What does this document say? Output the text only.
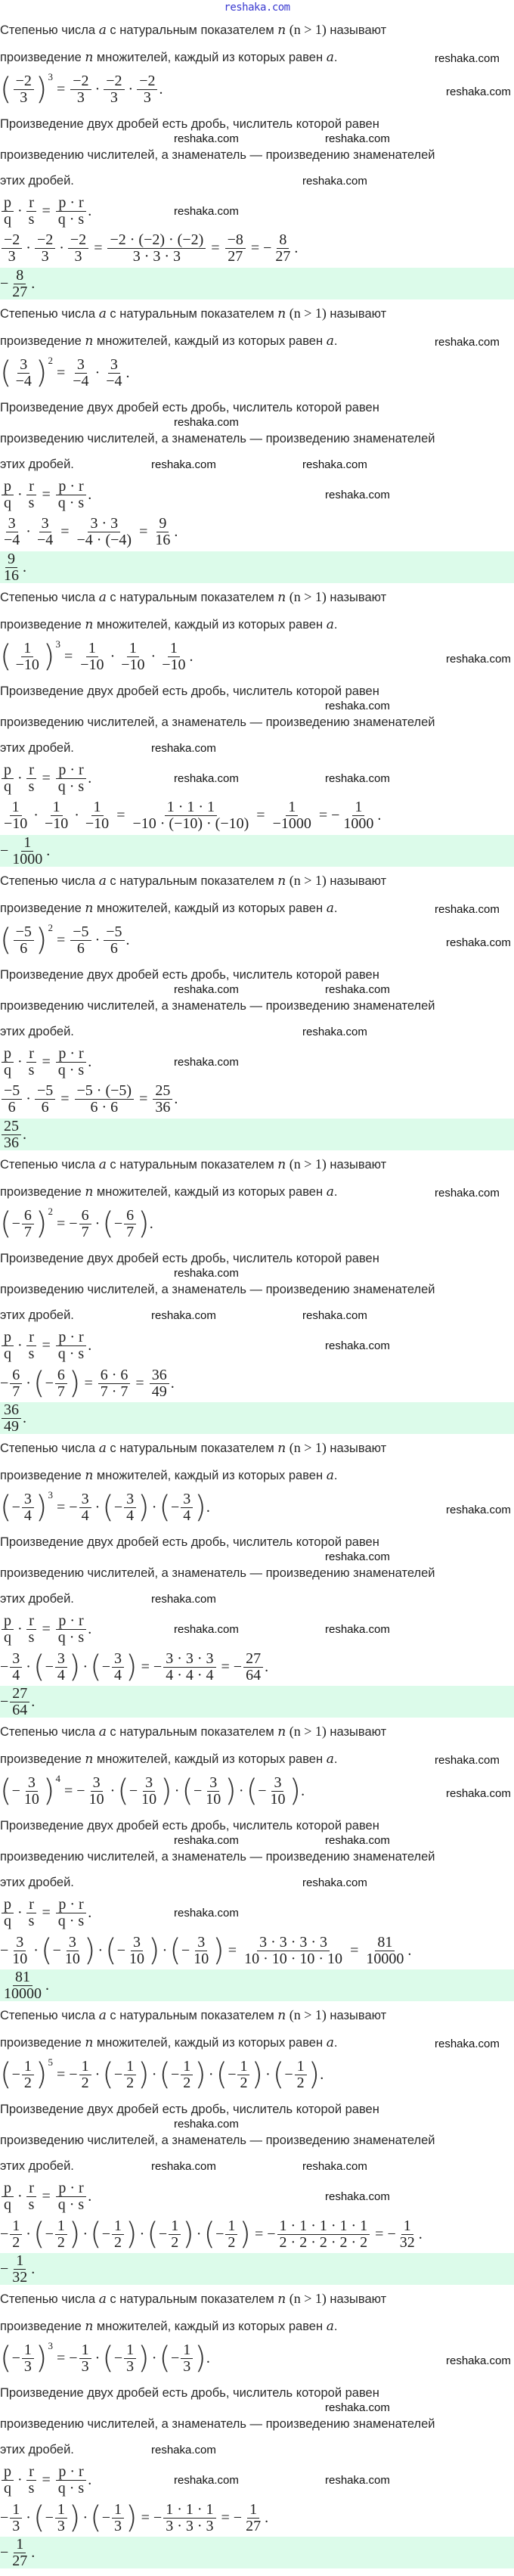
reshaka.com
Степенью числа a с натуральным показателем n (n > 1) называют
произведение n множителей, каждый из которых равен a.
( $\frac{-2}{3}$ ) 3
= $\frac{-2}{3} \cdot \frac{-2}{3} \cdot \frac{-2}{3}$ .
Произведение двух дробей есть дробь, числитель которой равен
произведению числителей, а знаменатель — произведению знаменателей
этих дробей.
$\frac{p}{q} \cdot \frac{r}{s} = \frac{p \cdot r}{q \cdot s}$ .
$\frac{-2}{3} \cdot \frac{-2}{3} \cdot \frac{-2}{3} = \frac{-2 \cdot (-2) \cdot (-2)}{3 \cdot 3 \cdot 3} = \frac{-8}{27}$ = − $\frac{8}{27}$ .
− $\frac{8}{27}$ .
reshaka.com	reshaka.com
reshaka.com
reshaka.com
reshaka.com
reshaka.com
Степенью числа a с натуральным показателем n (n > 1) называют
произведение n множителей, каждый из которых равен a.
( $\frac{3}{-4}$ ) 2
= $\frac{3}{-4} \cdot \frac{3}{-4}$ .
Произведение двух дробей есть дробь, числитель которой равен
произведению числителей, а знаменатель — произведению знаменателей
этих дробей.
$\frac{p}{q} \cdot \frac{r}{s} = \frac{p \cdot r}{q \cdot s}$ .
$\frac{3}{-4} \cdot \frac{3}{-4} = \frac{3 \cdot 3}{-4 \cdot (-4)} = \frac{9}{16}$ .
$\frac{9}{16}$ .
reshaka.com
reshaka.com	reshaka.com
reshaka.com
reshaka.com
Степенью числа a с натуральным показателем n (n > 1) называют
произведение n множителей, каждый из которых равен a.
( $\frac{1}{-10}$ ) 3
= $\frac{1}{-10} \cdot \frac{1}{-10} \cdot \frac{1}{-10}$ .
Произведение двух дробей есть дробь, числитель которой равен
произведению числителей, а знаменатель — произведению знаменателей
этих дробей.
$\frac{p}{q} \cdot \frac{r}{s} = \frac{p \cdot r}{q \cdot s}$ .
$\frac{1}{-10} \cdot \frac{1}{-10} \cdot \frac{1}{-10} = \frac{1 \cdot 1 \cdot 1}{-10 \cdot (-10) \cdot (-10)} = \frac{1}{-1000}$ = − $\frac{1}{1000}$ .
− $\frac{1}{1000}$ .
reshaka.com
reshaka.com
reshaka.com	reshaka.com
reshaka.com
Степенью числа a с натуральным показателем n (n > 1) называют
произведение n множителей, каждый из которых равен a.
( $\frac{-5}{6}$ ) 2
= $\frac{-5}{6} \cdot \frac{-5}{6}$ .
Произведение двух дробей есть дробь, числитель которой равен
произведению числителей, а знаменатель — произведению знаменателей
этих дробей.
$\frac{p}{q} \cdot \frac{r}{s} = \frac{p \cdot r}{q \cdot s}$ .
$\frac{-5}{6} \cdot \frac{-5}{6} = \frac{-5 \cdot (-5)}{6 \cdot 6} = \frac{25}{36}$ .
$\frac{25}{36}$ .
reshaka.com	reshaka.com
reshaka.com
reshaka.com
reshaka.com
reshaka.com
Степенью числа a с натуральным показателем n (n > 1) называют
произведение n множителей, каждый из которых равен a.
( − $\frac{6}{7}$ ) 2
= − $\frac{6}{7}$ · ( − $\frac{6}{7}$ ) .
Произведение двух дробей есть дробь, числитель которой равен
произведению числителей, а знаменатель — произведению знаменателей
этих дробей.
$\frac{p}{q} \cdot \frac{r}{s} = \frac{p \cdot r}{q \cdot s}$ .
− $\frac{6}{7}$ · ( − $\frac{6}{7}$ ) = $\frac{6 \cdot 6}{7 \cdot 7} = \frac{36}{49}$ .
$\frac{36}{49}$ .
reshaka.com
reshaka.com	reshaka.com
reshaka.com
reshaka.com
Степенью числа a с натуральным показателем n (n > 1) называют
произведение n множителей, каждый из которых равен a.
( − $\frac{3}{4}$ ) 3
= − $\frac{3}{4}$ · ( − $\frac{3}{4}$ ) · ( − $\frac{3}{4}$ ) .
Произведение двух дробей есть дробь, числитель которой равен
произведению числителей, а знаменатель — произведению знаменателей
этих дробей.
$\frac{p}{q} \cdot \frac{r}{s} = \frac{p \cdot r}{q \cdot s}$ .
− $\frac{3}{4}$ · ( − $\frac{3}{4}$ ) · ( − $\frac{3}{4}$ ) = − $\frac{3 \cdot 3 \cdot 3}{4 \cdot 4 \cdot 4}$ = − $\frac{27}{64}$ .
− $\frac{27}{64}$ .
reshaka.com
reshaka.com
reshaka.com	reshaka.com
reshaka.com
Степенью числа a с натуральным показателем n (n > 1) называют
произведение n множителей, каждый из которых равен a.
( − $\frac{3}{10}$ ) 4
= − $\frac{3}{10}$ · ( − $\frac{3}{10}$ ) · ( − $\frac{3}{10}$ ) · ( − $\frac{3}{10}$ ) .
Произведение двух дробей есть дробь, числитель которой равен
произведению числителей, а знаменатель — произведению знаменателей
этих дробей.
$\frac{p}{q} \cdot \frac{r}{s} = \frac{p \cdot r}{q \cdot s}$ .
− $\frac{3}{10}$ · ( − $\frac{3}{10}$ ) · ( − $\frac{3}{10}$ ) · ( − $\frac{3}{10}$ ) = $\frac{3 \cdot 3 \cdot 3 \cdot 3}{10 \cdot 10 \cdot 10 \cdot 10} = \frac{81}{10000}$ .
$\frac{81}{10000}$ .
reshaka.com	reshaka.com
reshaka.com
reshaka.com
reshaka.com
reshaka.com
Степенью числа a с натуральным показателем n (n > 1) называют
произведение n множителей, каждый из которых равен a.
( − $\frac{1}{2}$ ) 5
= − $\frac{1}{2}$ · ( − $\frac{1}{2}$ ) · ( − $\frac{1}{2}$ ) · ( − $\frac{1}{2}$ ) · ( − $\frac{1}{2}$ ) .
Произведение двух дробей есть дробь, числитель которой равен
произведению числителей, а знаменатель — произведению знаменателей
этих дробей.
$\frac{p}{q} \cdot \frac{r}{s} = \frac{p \cdot r}{q \cdot s}$ .
− $\frac{1}{2}$ · ( − $\frac{1}{2}$ ) · ( − $\frac{1}{2}$ ) · ( − $\frac{1}{2}$ ) · ( − $\frac{1}{2}$ ) = − $\frac{1 \cdot 1 \cdot 1 \cdot 1 \cdot 1}{2 \cdot 2 \cdot 2 \cdot 2 \cdot 2}$ = − $\frac{1}{32}$ .
− $\frac{1}{32}$ .
reshaka.com
reshaka.com	reshaka.com
reshaka.com
reshaka.com
Степенью числа a с натуральным показателем n (n > 1) называют
произведение n множителей, каждый из которых равен a.
( − $\frac{1}{3}$ ) 3
= − $\frac{1}{3}$ · ( − $\frac{1}{3}$ ) · ( − $\frac{1}{3}$ ) .
Произведение двух дробей есть дробь, числитель которой равен
произведению числителей, а знаменатель — произведению знаменателей
этих дробей.
$\frac{p}{q} \cdot \frac{r}{s} = \frac{p \cdot r}{q \cdot s}$ .
− $\frac{1}{3}$ · ( − $\frac{1}{3}$ ) · ( − $\frac{1}{3}$ ) = − $\frac{1 \cdot 1 \cdot 1}{3 \cdot 3 \cdot 3}$ = − $\frac{1}{27}$ .
− $\frac{1}{27}$ .
reshaka.com
reshaka.com
reshaka.com	reshaka.com
reshaka.com
